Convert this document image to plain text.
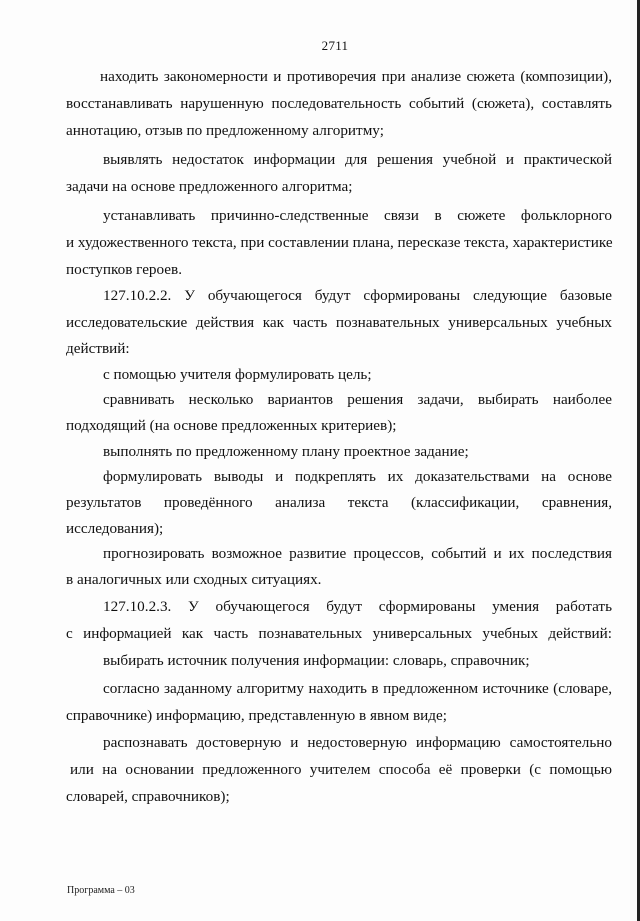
2711
находить закономерности и противоречия при анализе сюжета (композиции),
восстанавливать нарушенную последовательность событий (сюжета), составлять
аннотацию, отзыв по предложенному алгоритму;
выявлять недостаток информации для решения учебной и практической
задачи на основе предложенного алгоритма;
устанавливать причинно-следственные связи в сюжете фольклорного
и художественного текста, при составлении плана, пересказе текста, характеристике
поступков героев.
127.10.2.2. У обучающегося будут сформированы следующие базовые
исследовательские действия как часть познавательных универсальных учебных
действий:
с помощью учителя формулировать цель;
сравнивать несколько вариантов решения задачи, выбирать наиболее
подходящий (на основе предложенных критериев);
выполнять по предложенному плану проектное задание;
формулировать выводы и подкреплять их доказательствами на основе
результатов проведённого анализа текста (классификации, сравнения,
исследования);
прогнозировать возможное развитие процессов, событий и их последствия
в аналогичных или сходных ситуациях.
127.10.2.3. У обучающегося будут сформированы умения работать
с информацией как часть познавательных универсальных учебных действий:
выбирать источник получения информации: словарь, справочник;
согласно заданному алгоритму находить в предложенном источнике (словаре,
справочнике) информацию, представленную в явном виде;
распознавать достоверную и недостоверную информацию самостоятельно
или на основании предложенного учителем способа её проверки (с помощью
словарей, справочников);
Программа – 03
